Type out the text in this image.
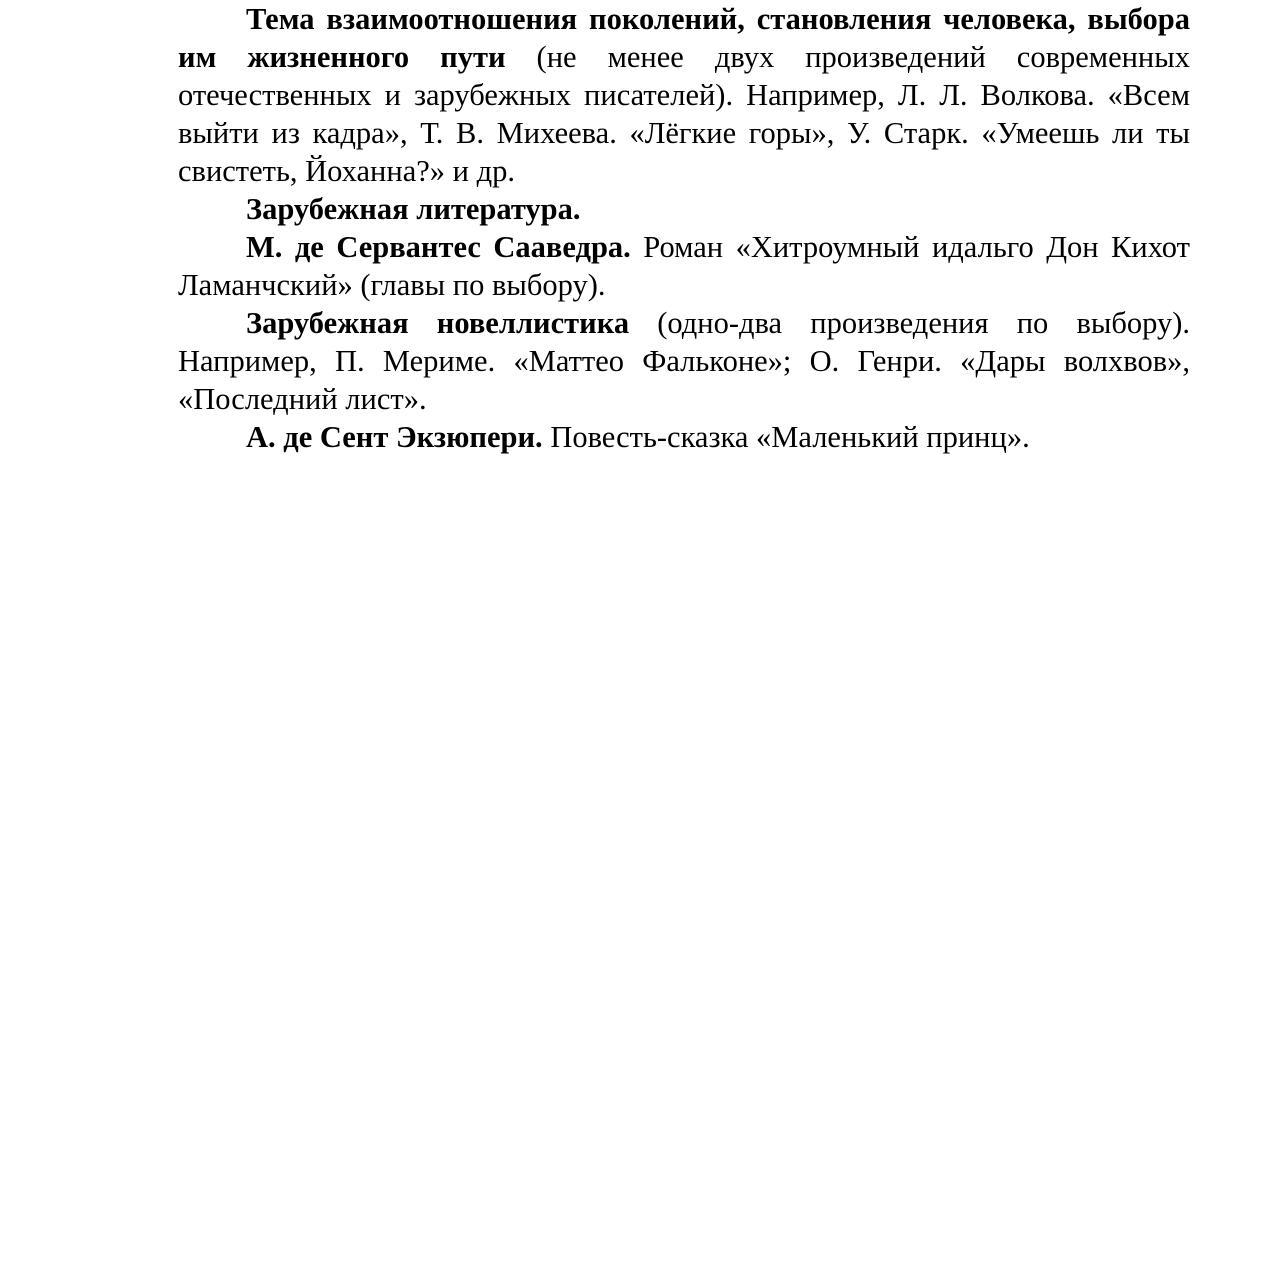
Тема взаимоотношения поколений, становления человека, выбора им жизненного пути (не менее двух произведений современных отечественных и зарубежных писателей). Например, Л. Л. Волкова. «Всем выйти из кадра», Т. В. Михеева. «Лёгкие горы», У. Старк. «Умеешь ли ты свистеть, Йоханна?» и др.

Зарубежная литература.

М. де Сервантес Сааведра. Роман «Хитроумный идальго Дон Кихот Ламанчский» (главы по выбору).

Зарубежная новеллистика (одно-два произведения по выбору). Например, П. Мериме. «Маттео Фальконе»; О. Генри. «Дары волхвов», «Последний лист».

А. де Сент Экзюпери. Повесть-сказка «Маленький принц».
